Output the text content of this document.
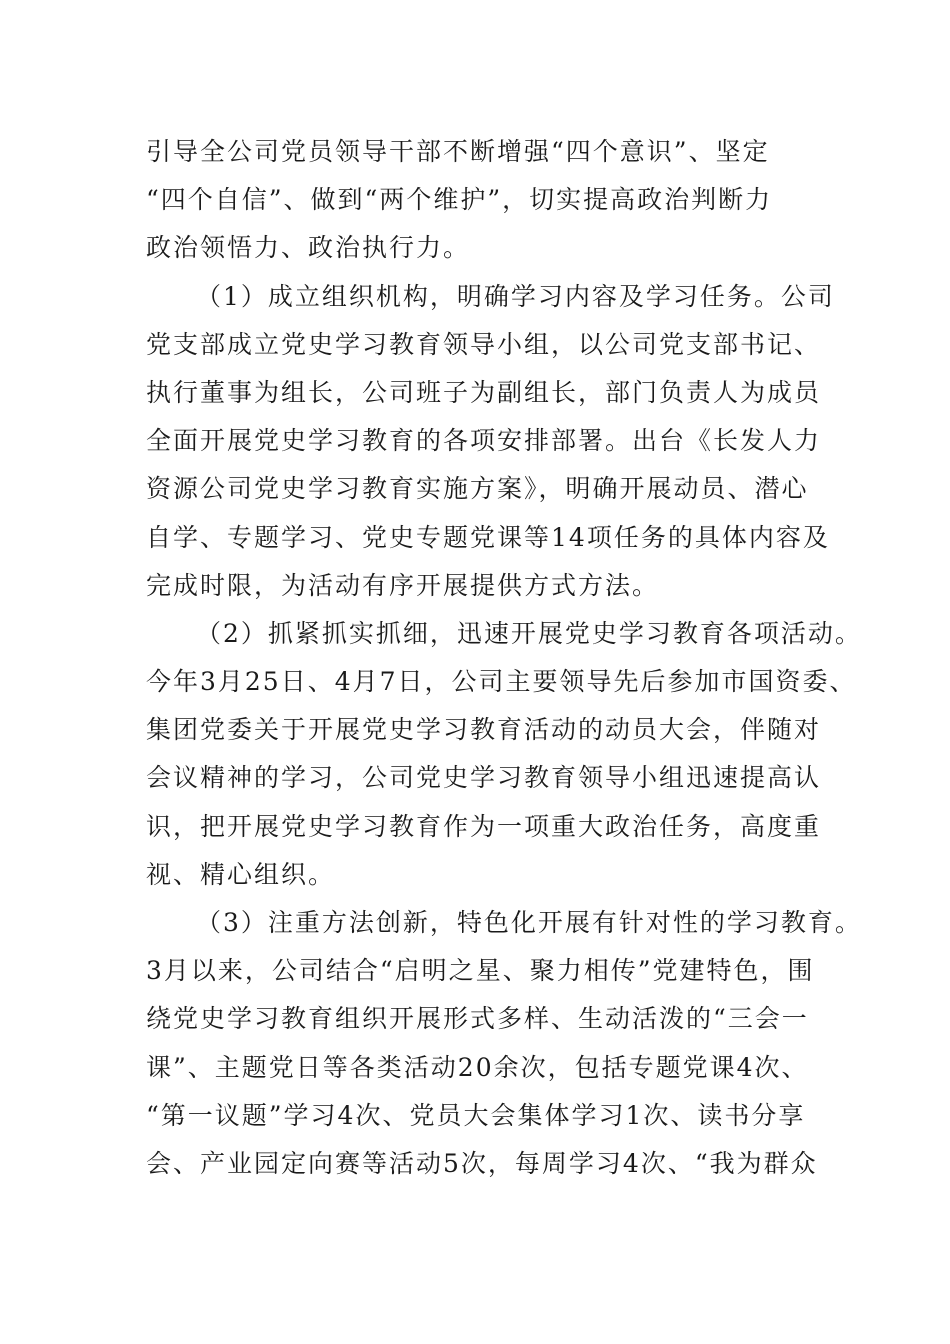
引导全公司党员领导干部不断增强“四个意识”、坚定
“四个自信”、做到“两个维护”，切实提高政治判断力
政治领悟力、政治执行力。
（1）成立组织机构，明确学习内容及学习任务。公司
党支部成立党史学习教育领导小组，以公司党支部书记、
执行董事为组长，公司班子为副组长，部门负责人为成员
全面开展党史学习教育的各项安排部署。出台《长发人力
资源公司党史学习教育实施方案》，明确开展动员、潜心
自学、专题学习、党史专题党课等14项任务的具体内容及
完成时限，为活动有序开展提供方式方法。
（2）抓紧抓实抓细，迅速开展党史学习教育各项活动。
今年3月25日、4月7日，公司主要领导先后参加市国资委、
集团党委关于开展党史学习教育活动的动员大会，伴随对
会议精神的学习，公司党史学习教育领导小组迅速提高认
识，把开展党史学习教育作为一项重大政治任务，高度重
视、精心组织。
（3）注重方法创新，特色化开展有针对性的学习教育。
3月以来，公司结合“启明之星、聚力相传”党建特色，围
绕党史学习教育组织开展形式多样、生动活泼的“三会一
课”、主题党日等各类活动20余次，包括专题党课4次、
“第一议题”学习4次、党员大会集体学习1次、读书分享
会、产业园定向赛等活动5次，每周学习4次、“我为群众
